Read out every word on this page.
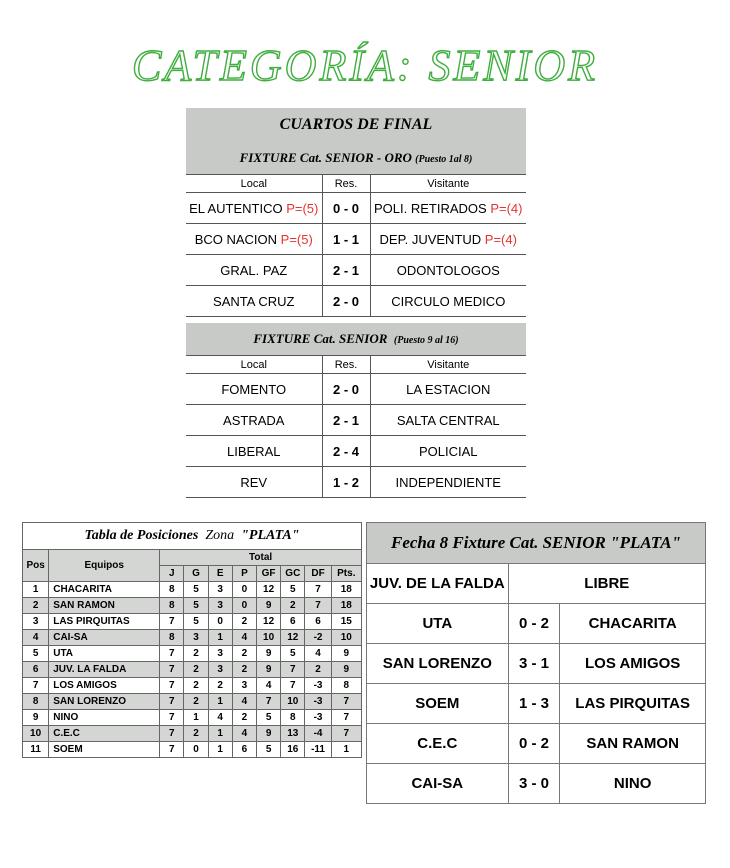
CATEGORÍA: SENIOR
CUARTOS DE FINAL		
FIXTURE Cat. SENIOR - ORO (Puesto 1al 8)		
Local	Res.	Visitante
EL AUTENTICO P=(5)	0 - 0	POLI. RETIRADOS P=(4)
BCO NACION P=(5)	1 - 1	DEP. JUVENTUD P=(4)
GRAL. PAZ	2 - 1	ODONTOLOGOS
SANTA CRUZ	2 - 0	CIRCULO MEDICO

FIXTURE Cat. SENIOR (Puesto 9 al 16)		
Local	Res.	Visitante
FOMENTO	2 - 0	LA ESTACION
ASTRADA	2 - 1	SALTA CENTRAL
LIBERAL	2 - 4	POLICIAL
REV	1 - 2	INDEPENDIENTE
Tabla de Posiciones Zona "PLATA"									
Pos	Equipos	Total							
		J	G	E	P	GF	GC	DF	Pts.
1	CHACARITA	8	5	3	0	12	5	7	18
2	SAN RAMON	8	5	3	0	9	2	7	18
3	LAS PIRQUITAS	7	5	0	2	12	6	6	15
4	CAI-SA	8	3	1	4	10	12	-2	10
5	UTA	7	2	3	2	9	5	4	9
6	JUV. LA FALDA	7	2	3	2	9	7	2	9
7	LOS AMIGOS	7	2	2	3	4	7	-3	8
8	SAN LORENZO	7	2	1	4	7	10	-3	7
9	NINO	7	1	4	2	5	8	-3	7
10	C.E.C	7	2	1	4	9	13	-4	7
11	SOEM	7	0	1	6	5	16	-11	1
Fecha 8 Fixture Cat. SENIOR "PLATA"		
JUV. DE LA FALDA	LIBRE	
UTA	0 - 2	CHACARITA
SAN LORENZO	3 - 1	LOS AMIGOS
SOEM	1 - 3	LAS PIRQUITAS
C.E.C	0 - 2	SAN RAMON
CAI-SA	3 - 0	NINO
